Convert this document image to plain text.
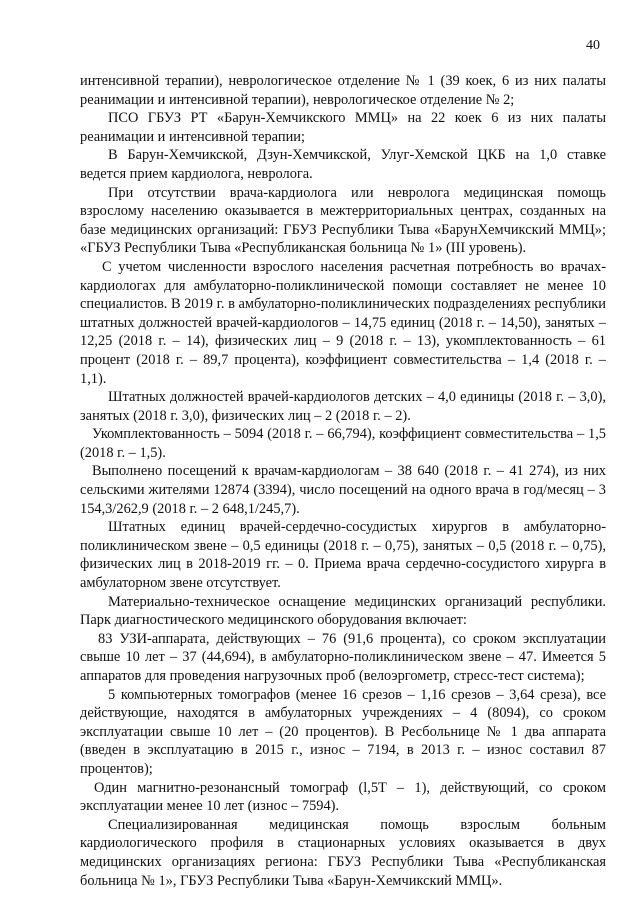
40

интенсивной терапии), неврологическое отделение № 1 (39 коек, 6 из них палаты реанимации и интенсивной терапии), неврологическое отделение № 2;

ПСО ГБУЗ РТ «Барун-Хемчикского ММЦ» на 22 коек 6 из них палаты реанимации и интенсивной терапии;

В Барун-Хемчикской, Дзун-Хемчикской, Улуг-Хемской ЦКБ на 1,0 ставке ведется прием кардиолога, невролога.

При отсутствии врача-кардиолога или невролога медицинская помощь взрослому населению оказывается в межтерриториальных центрах, созданных на базе медицинских организаций: ГБУЗ Республики Тыва «БарунХемчикский ММЦ»; «ГБУЗ Республики Тыва «Республиканская больница № 1» (III уровень).

С учетом численности взрослого населения расчетная потребность во врачах-кардиологах для амбулаторно-поликлинической помощи составляет не менее 10 специалистов. В 2019 г. в амбулаторно-поликлинических подразделениях республики штатных должностей врачей-кардиологов – 14,75 единиц (2018 г. – 14,50), занятых – 12,25 (2018 г. – 14), физических лиц – 9 (2018 г. – 13), укомплектованность – 61 процент (2018 г. – 89,7 процента), коэффициент совместительства – 1,4 (2018 г. – 1,1).

Штатных должностей врачей-кардиологов детских – 4,0 единицы (2018 г. – 3,0), занятых (2018 г. 3,0), физических лиц – 2 (2018 г. – 2).

Укомплектованность – 5094 (2018 г. – 66,794), коэффициент совместительства – 1,5 (2018 г. – 1,5).

Выполнено посещений к врачам-кардиологам – 38 640 (2018 г. – 41 274), из них сельскими жителями 12874 (3394), число посещений на одного врача в год/месяц – 3 154,3/262,9 (2018 г. – 2 648,1/245,7).

Штатных единиц врачей-сердечно-сосудистых хирургов в амбулаторно-поликлиническом звене – 0,5 единицы (2018 г. – 0,75), занятых – 0,5 (2018 г. – 0,75), физических лиц в 2018-2019 гг. – 0. Приема врача сердечно-сосудистого хирурга в амбулаторном звене отсутствует.

Материально-техническое оснащение медицинских организаций республики. Парк диагностического медицинского оборудования включает:

83 УЗИ-аппарата, действующих – 76 (91,6 процента), со сроком эксплуатации свыше 10 лет – 37 (44,694), в амбулаторно-поликлиническом звене – 47. Имеется 5 аппаратов для проведения нагрузочных проб (велоэргометр, стресс-тест система);

5 компьютерных томографов (менее 16 срезов – 1,16 срезов – 3,64 среза), все действующие, находятся в амбулаторных учреждениях – 4 (8094), со сроком эксплуатации свыше 10 лет – (20 процентов). В Ресбольнице № 1 два аппарата (введен в эксплуатацию в 2015 г., износ – 7194, в 2013 г. – износ составил 87 процентов);

Один магнитно-резонансный томограф (l,5T – 1), действующий, со сроком эксплуатации менее 10 лет (износ – 7594).

Специализированная медицинская помощь взрослым больным кардиологического профиля в стационарных условиях оказывается в двух медицинских организациях региона: ГБУЗ Республики Тыва «Республиканская больница № 1», ГБУЗ Республики Тыва «Барун-Хемчикский ММЦ».
